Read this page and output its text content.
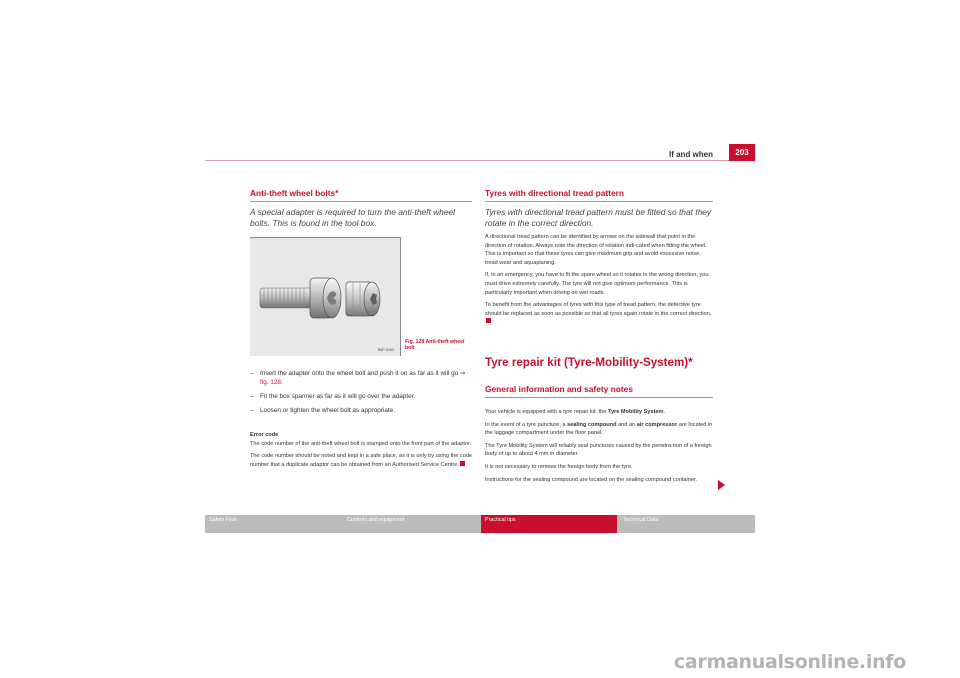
If and when	203
Anti-theft wheel bolts*
A special adapter is required to turn the anti-theft wheel bolts. This is found in the tool box.
B5P-0103
Fig. 128 Anti-theft wheel bolt
– Insert the adapter onto the wheel bolt and push it on as far as it will go ⇒ fig. 128.
– Fit the box spanner as far as it will go over the adapter.
– Loosen or tighten the wheel bolt as appropriate.
Error code

The code number of the anti-theft wheel bolt is stamped onto the front part of the adaptor.

The code number should be noted and kept in a safe place, as it is only by using the code number that a duplicate adaptor can be obtained from an Authorised Service Centre.

Tyres with directional tread pattern
Tyres with directional tread pattern must be fitted so that they rotate in the correct direction.

A directional tread pattern can be identified by arrows on the sidewall that point in the direction of rotation. Always note the direction of rotation indi-cated when fitting the wheel. This is important so that these tyres can give maximum grip and avoid excessive noise, tread wear and aquaplaning.

If, in an emergency, you have to fit the spare wheel so it rotates in the wrong direction, you must drive extremely carefully. The tyre will not give optimum performance. This is particularly important when driving on wet roads.

To benefit from the advantages of tyres with this type of tread pattern, the defective tyre should be replaced as soon as possible so that all tyres again rotate in the correct direction.

Tyre repair kit (Tyre-Mobility-System)*
General information and safety notes

Your vehicle is equipped with a tyre repair kit: the Tyre Mobility System.

In the event of a tyre puncture, a sealing compound and an air compressor are located in the luggage compartment under the floor panel.

The Tyre Mobility System will reliably seal punctures caused by the penetra-tion of a foreign body of up to about 4 mm in diameter.

It is not necessary to remove the foreign body from the tyre.

Instructions for the sealing compound are located on the sealing compound container.

Safety First	Controls and equipment	Practical tips	Technical Data
carmanualsonline.info
